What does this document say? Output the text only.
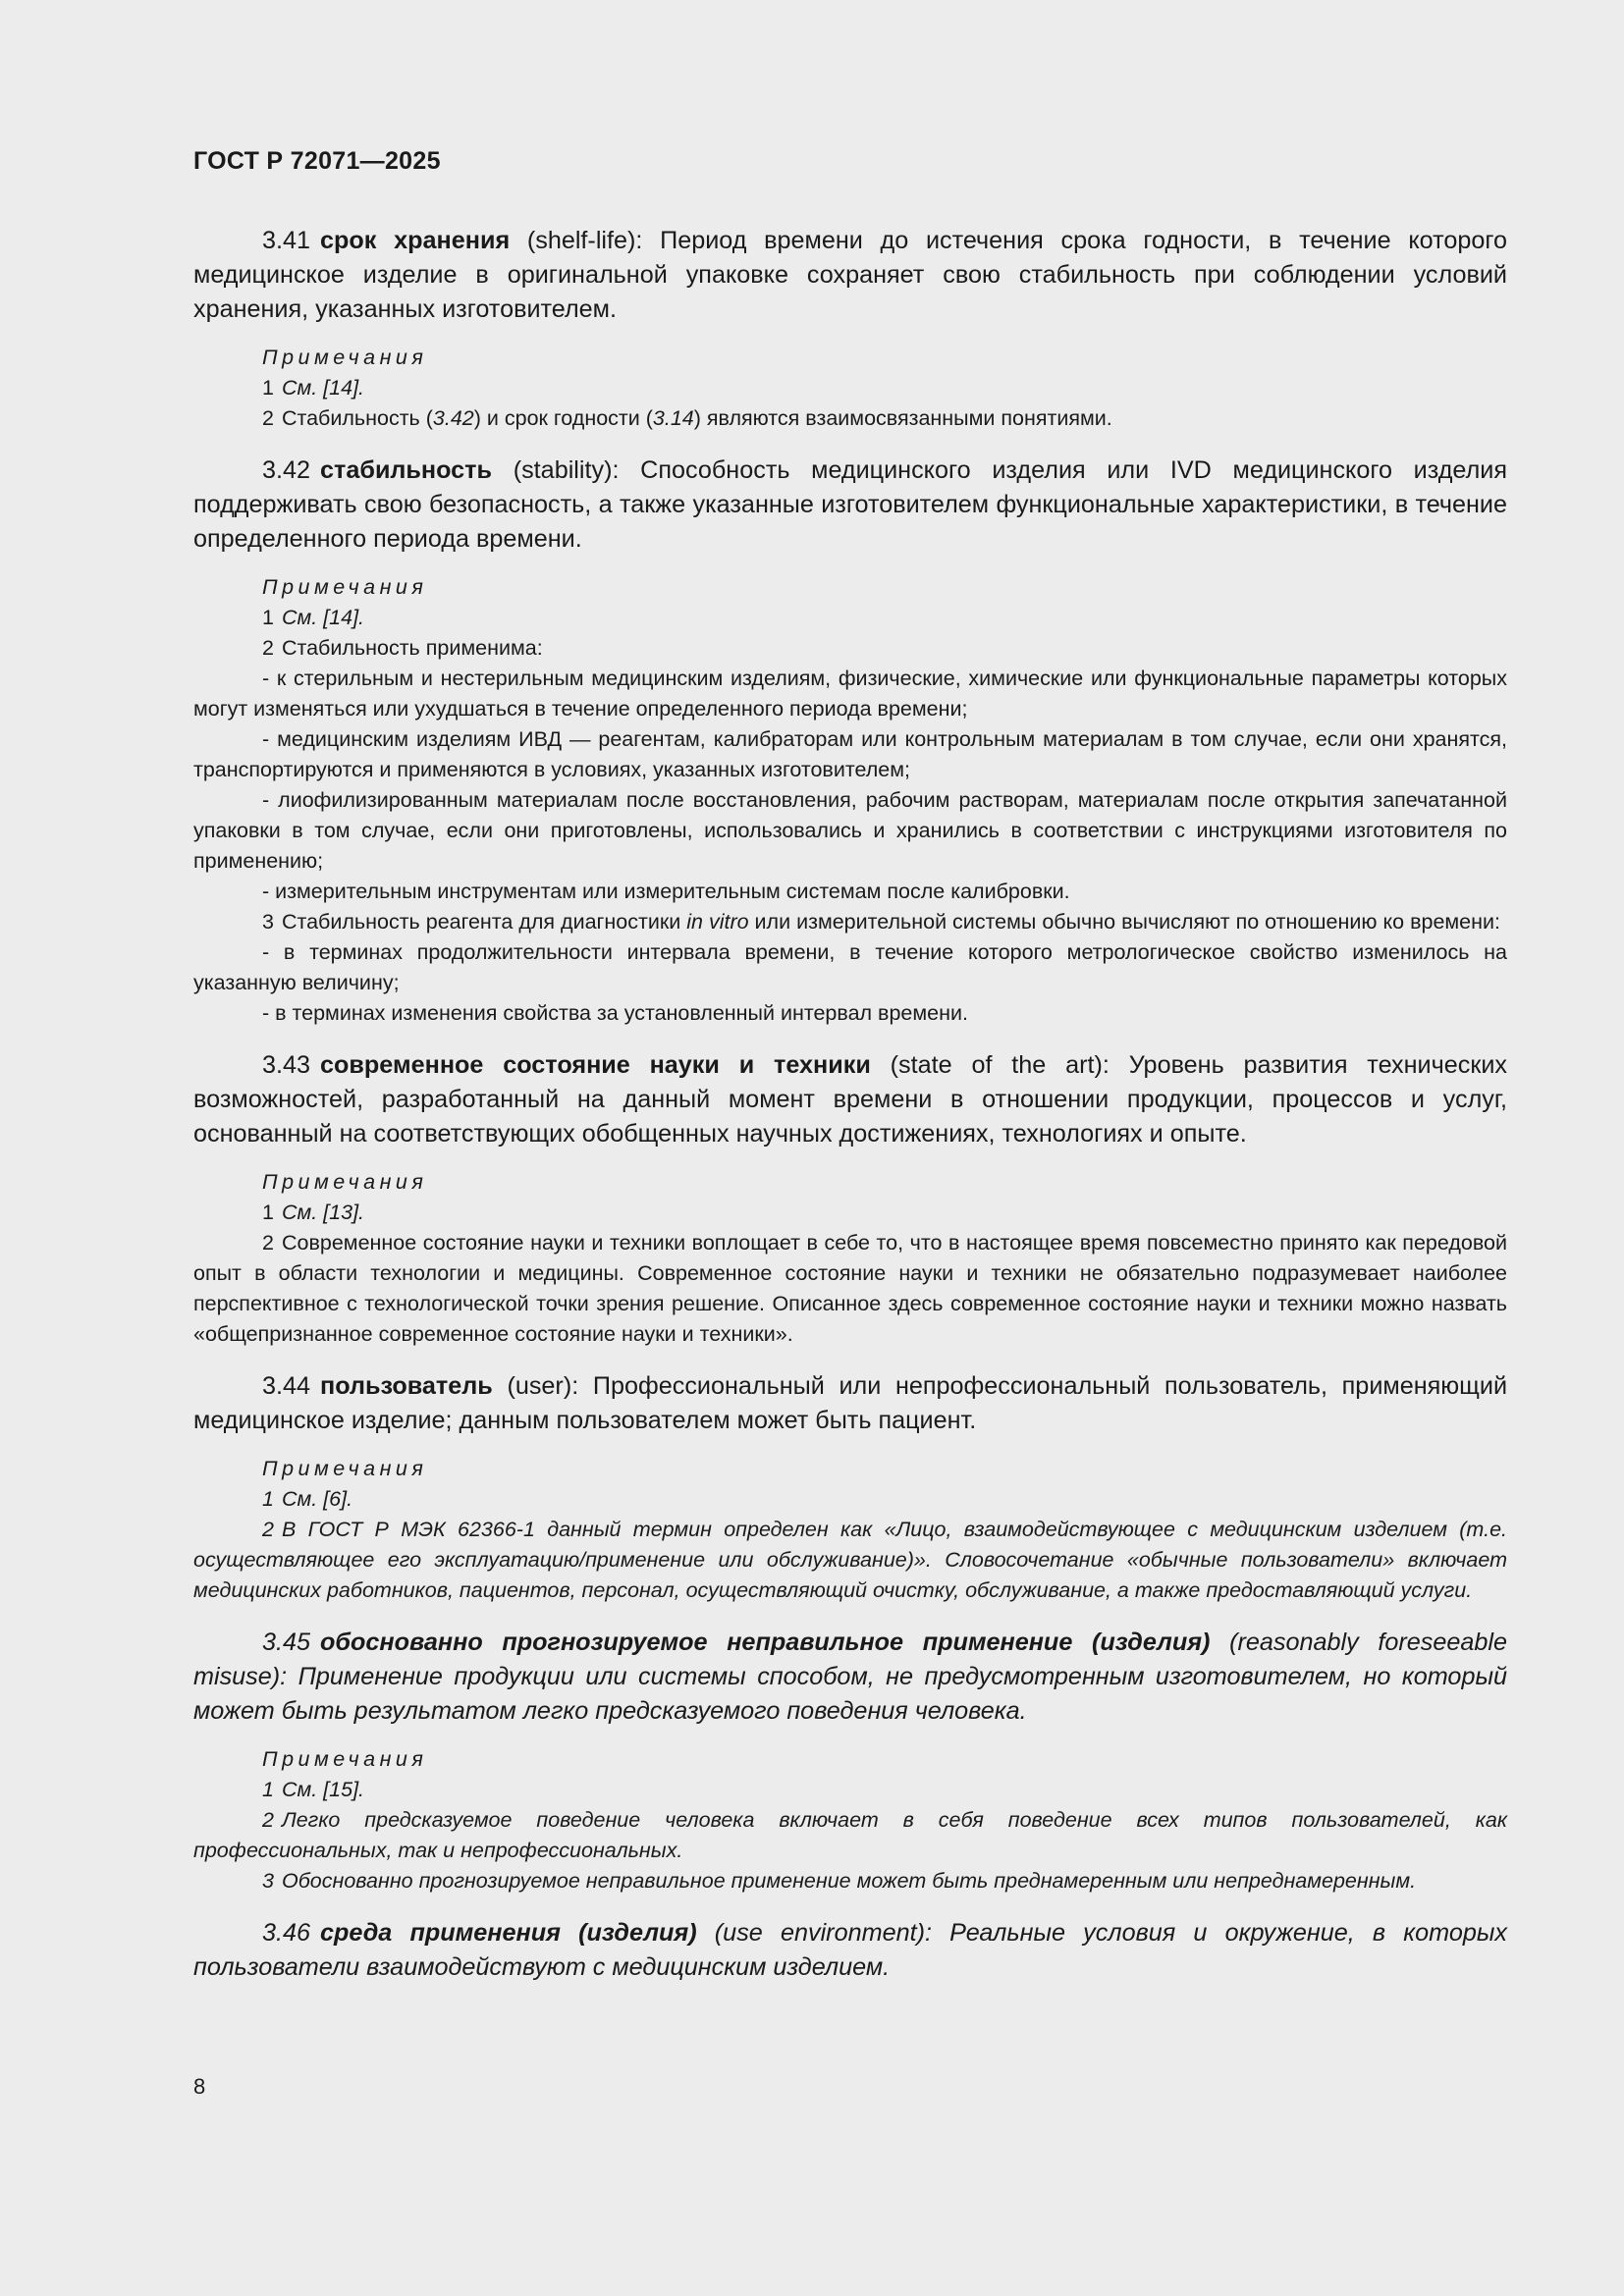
ГОСТ Р 72071—2025

3.41 срок хранения (shelf-life): Период времени до истечения срока годности, в течение которого медицинское изделие в оригинальной упаковке сохраняет свою стабильность при соблюдении условий хранения, указанных изготовителем.

Примечания

1 См. [14].

2 Стабильность (3.42) и срок годности (3.14) являются взаимосвязанными понятиями.

3.42 стабильность (stability): Способность медицинского изделия или IVD медицинского изделия поддерживать свою безопасность, а также указанные изготовителем функциональные характеристики, в течение определенного периода времени.

Примечания

1 См. [14].

2 Стабильность применима:

- к стерильным и нестерильным медицинским изделиям, физические, химические или функциональные параметры которых могут изменяться или ухудшаться в течение определенного периода времени;

- медицинским изделиям ИВД — реагентам, калибраторам или контрольным материалам в том случае, если они хранятся, транспортируются и применяются в условиях, указанных изготовителем;

- лиофилизированным материалам после восстановления, рабочим растворам, материалам после открытия запечатанной упаковки в том случае, если они приготовлены, использовались и хранились в соответствии с инструкциями изготовителя по применению;

- измерительным инструментам или измерительным системам после калибровки.

3 Стабильность реагента для диагностики in vitro или измерительной системы обычно вычисляют по отношению ко времени:

- в терминах продолжительности интервала времени, в течение которого метрологическое свойство изменилось на указанную величину;

- в терминах изменения свойства за установленный интервал времени.

3.43 современное состояние науки и техники (state of the art): Уровень развития технических возможностей, разработанный на данный момент времени в отношении продукции, процессов и услуг, основанный на соответствующих обобщенных научных достижениях, технологиях и опыте.

Примечания

1 См. [13].

2 Современное состояние науки и техники воплощает в себе то, что в настоящее время повсеместно принято как передовой опыт в области технологии и медицины. Современное состояние науки и техники не обязательно подразумевает наиболее перспективное с технологической точки зрения решение. Описанное здесь современное состояние науки и техники можно назвать «общепризнанное современное состояние науки и техники».

3.44 пользователь (user): Профессиональный или непрофессиональный пользователь, применяющий медицинское изделие; данным пользователем может быть пациент.

Примечания

1 См. [6].

2 В ГОСТ Р МЭК 62366-1 данный термин определен как «Лицо, взаимодействующее с медицинским изделием (т.е. осуществляющее его эксплуатацию/применение или обслуживание)». Словосочетание «обычные пользователи» включает медицинских работников, пациентов, персонал, осуществляющий очистку, обслуживание, а также предоставляющий услуги.

3.45 обоснованно прогнозируемое неправильное применение (изделия) (reasonably foreseeable misuse): Применение продукции или системы способом, не предусмотренным изготовителем, но который может быть результатом легко предсказуемого поведения человека.

Примечания

1 См. [15].

2 Легко предсказуемое поведение человека включает в себя поведение всех типов пользователей, как профессиональных, так и непрофессиональных.

3 Обоснованно прогнозируемое неправильное применение может быть преднамеренным или непреднамеренным.

3.46 среда применения (изделия) (use environment): Реальные условия и окружение, в которых пользователи взаимодействуют с медицинским изделием.

8
